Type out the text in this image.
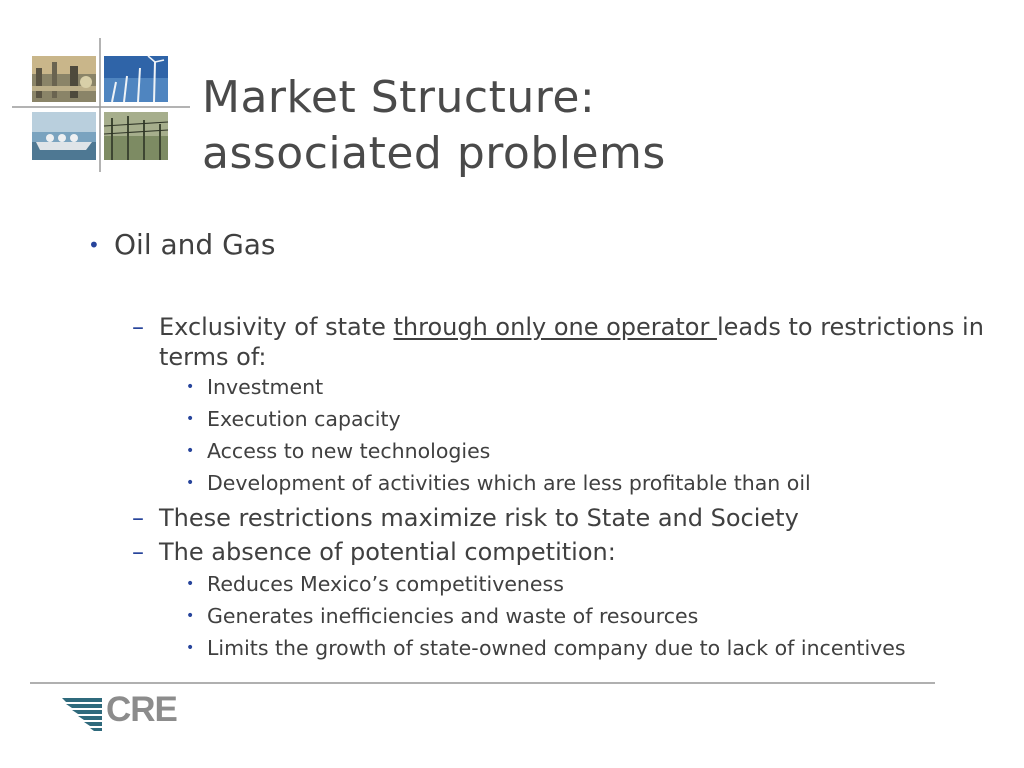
Market Structure:
associated problems
• Oil and Gas
– Exclusivity of state through only one operator leads to restrictions in terms of:
• Investment
• Execution capacity
• Access to new technologies
• Development of activities which are less profitable than oil
– These restrictions maximize risk to State and Society
– The absence of potential competition:
• Reduces Mexico’s competitiveness
• Generates inefficiencies and waste of resources
• Limits the growth of state-owned company due to lack of incentives
CRE
